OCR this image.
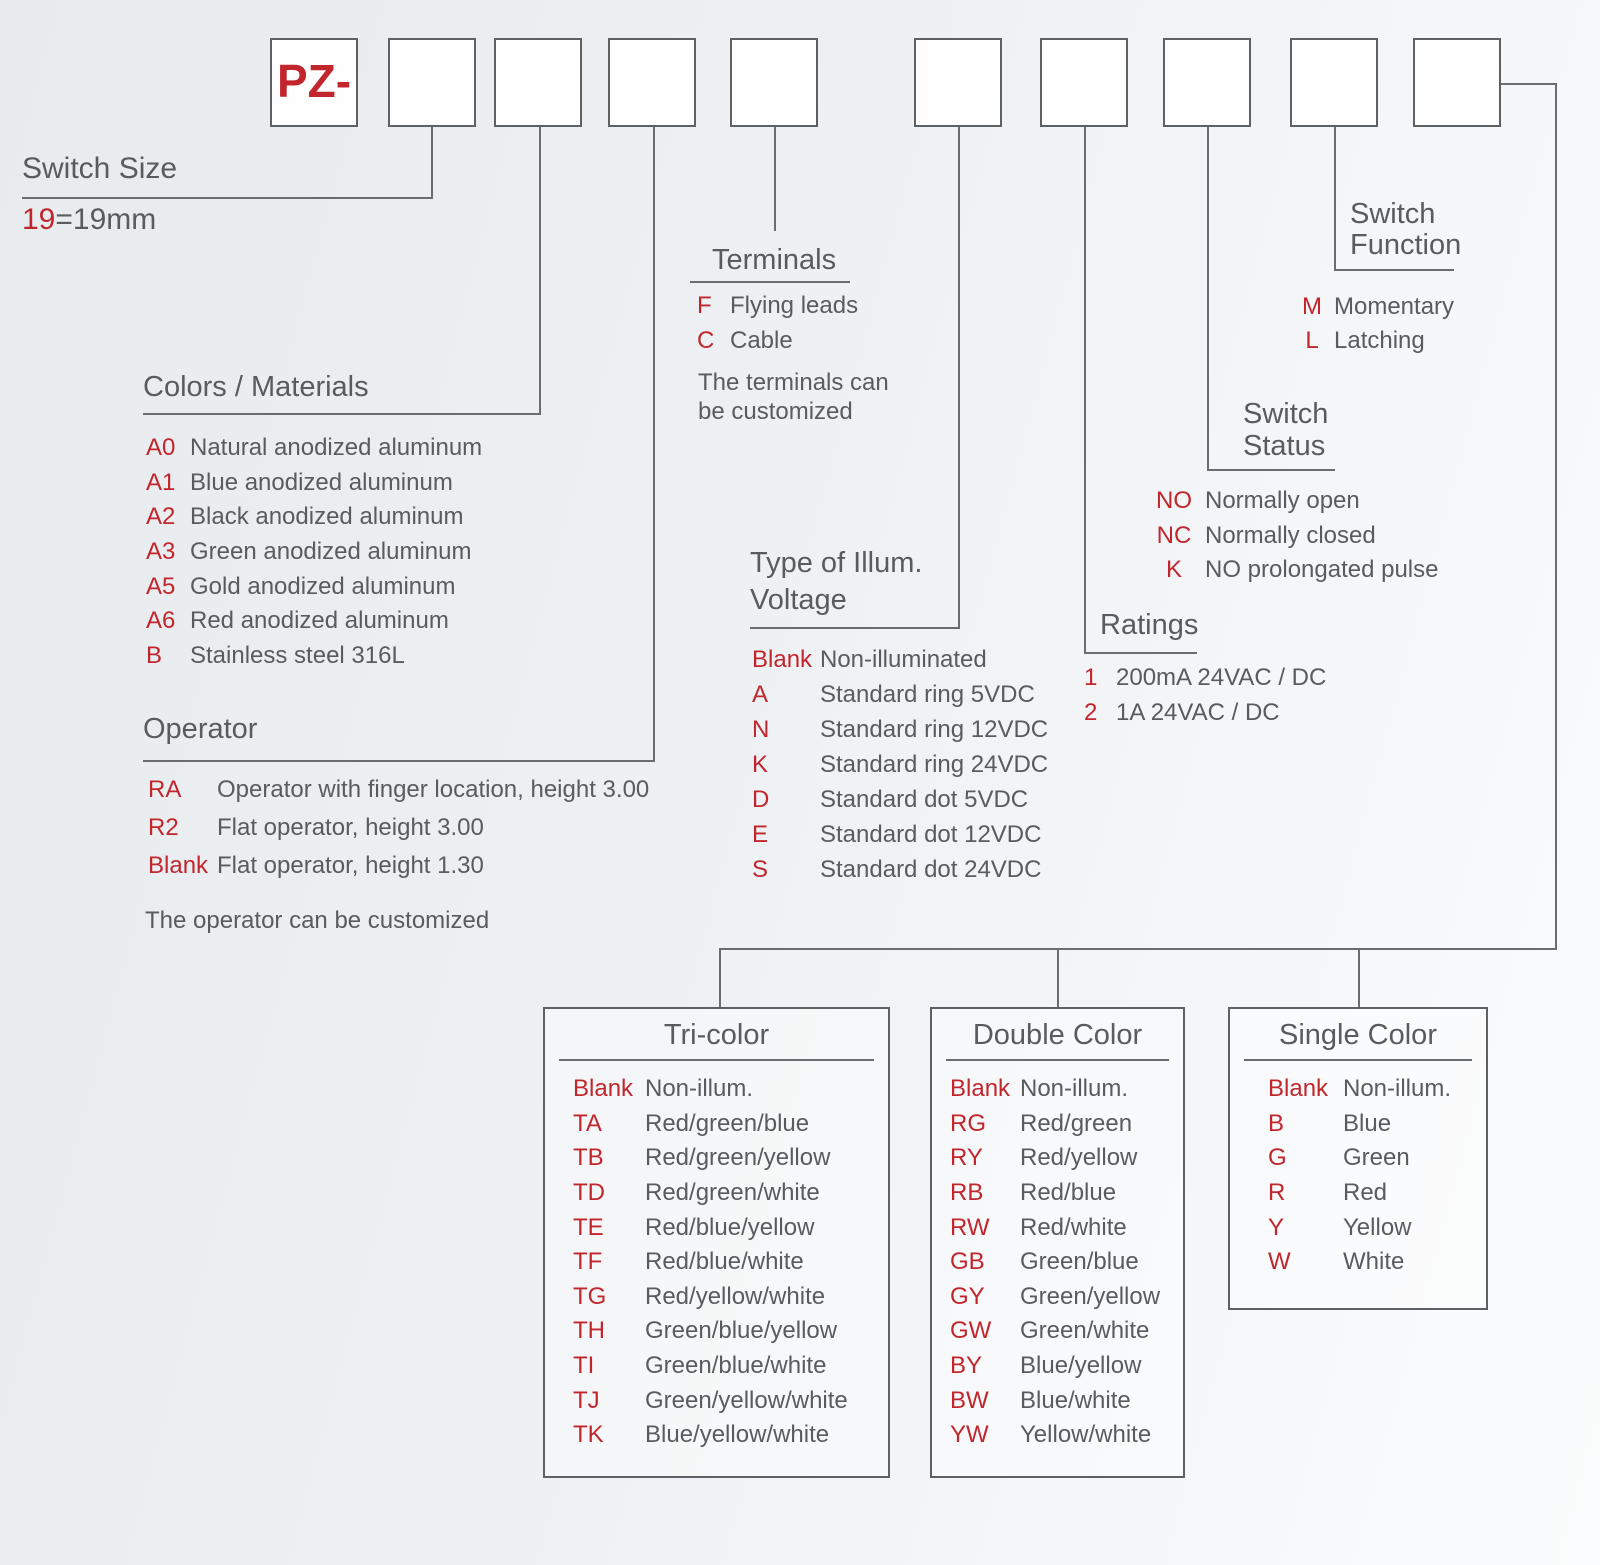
PZ-
Switch Size
19=19mm
Colors / Materials
A0 Natural anodized aluminum
A1 Blue anodized aluminum
A2 Black anodized aluminum
A3 Green anodized aluminum
A5 Gold anodized aluminum
A6 Red anodized aluminum
B	Stainless steel 316L
Operator
RA	Operator with finger location, height 3.00
R2	Flat operator, height 3.00
Blank Flat operator, height 1.30
The operator can be customized
Terminals
F Flying leads
C Cable
The terminals can
be customized
Type of Illum.
Voltage
Blank Non-illuminated
A	Standard ring 5VDC
N	Standard ring 12VDC
K	Standard ring 24VDC
D	Standard dot 5VDC
E	Standard dot 12VDC
S	Standard dot 24VDC
Ratings
1 200mA 24VAC / DC
2 1A 24VAC / DC
Switch
Status
NO Normally open
NC Normally closed
K NO prolongated pulse
Switch
Function
M Momentary
L Latching
Tri-color
Blank Non-illum.
TA	Red/green/blue
TB	Red/green/yellow
TD	Red/green/white
TE	Red/blue/yellow
TF	Red/blue/white
TG	Red/yellow/white
TH	Green/blue/yellow
TI	Green/blue/white
TJ	Green/yellow/white
TK	Blue/yellow/white
Double Color
Blank Non-illum.
RG	Red/green
RY	Red/yellow
RB	Red/blue
RW	Red/white
GB	Green/blue
GY	Green/yellow
GW	Green/white
BY	Blue/yellow
BW	Blue/white
YW	Yellow/white
Single Color
Blank Non-illum.
B	Blue
G	Green
R	Red
Y	Yellow
W	White
